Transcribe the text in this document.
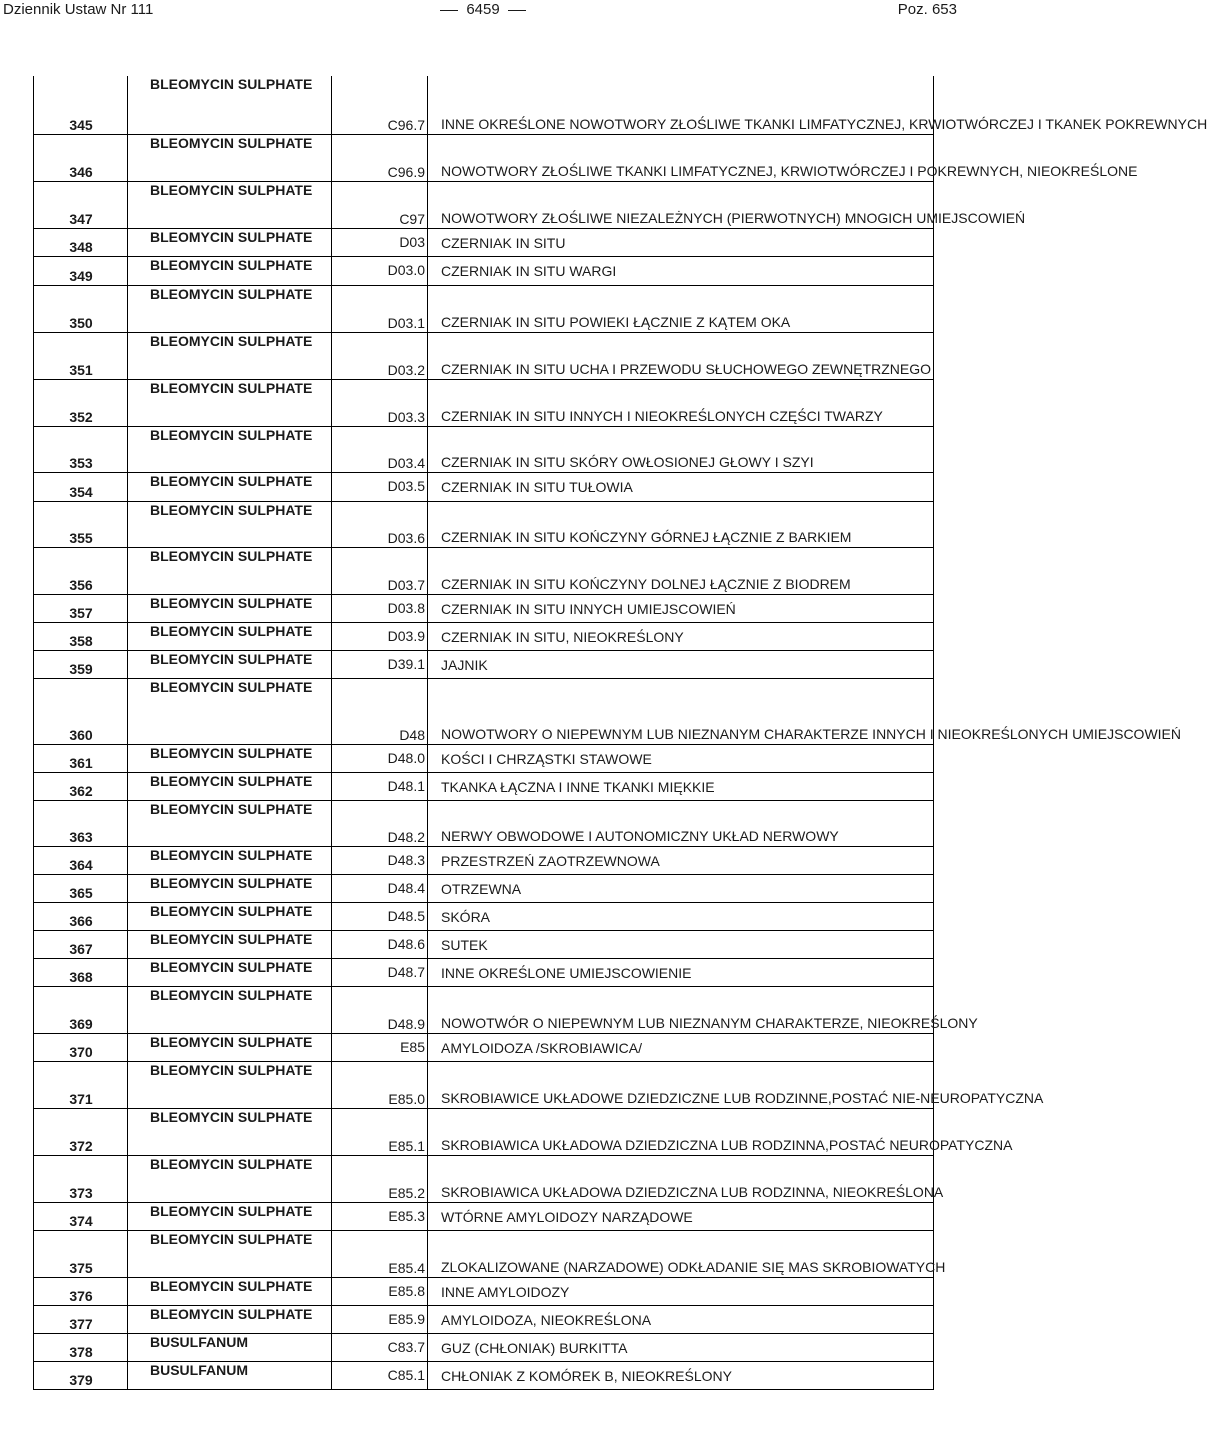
Dziennik Ustaw Nr 111	6459	Poz. 653
345
BLEOMYCIN SULPHATE
C96.7 INNE OKREŚLONE NOWOTWORY ZŁOŚLIWE TKANKI LIMFATYCZNEJ, KRWIOTWÓRCZEJ I TKANEK POKREWNYCH
346
BLEOMYCIN SULPHATE
C96.9 NOWOTWORY ZŁOŚLIWE TKANKI LIMFATYCZNEJ, KRWIOTWÓRCZEJ I POKREWNYCH, NIEOKREŚLONE
347
BLEOMYCIN SULPHATE
C97 NOWOTWORY ZŁOŚLIWE NIEZALEŻNYCH (PIERWOTNYCH) MNOGICH UMIEJSCOWIEŃ
348
BLEOMYCIN SULPHATE	D03 CZERNIAK IN SITU
349
BLEOMYCIN SULPHATE	D03.0 CZERNIAK IN SITU WARGI
350
BLEOMYCIN SULPHATE
D03.1 CZERNIAK IN SITU POWIEKI ŁĄCZNIE Z KĄTEM OKA
351
BLEOMYCIN SULPHATE
D03.2 CZERNIAK IN SITU UCHA I PRZEWODU SŁUCHOWEGO ZEWNĘTRZNEGO
352
BLEOMYCIN SULPHATE
D03.3 CZERNIAK IN SITU INNYCH I NIEOKREŚLONYCH CZĘŚCI TWARZY
353
BLEOMYCIN SULPHATE
D03.4 CZERNIAK IN SITU SKÓRY OWŁOSIONEJ GŁOWY I SZYI
354
BLEOMYCIN SULPHATE	D03.5 CZERNIAK IN SITU TUŁOWIA
355
BLEOMYCIN SULPHATE
D03.6 CZERNIAK IN SITU KOŃCZYNY GÓRNEJ ŁĄCZNIE Z BARKIEM
356
BLEOMYCIN SULPHATE
D03.7 CZERNIAK IN SITU KOŃCZYNY DOLNEJ ŁĄCZNIE Z BIODREM
357
BLEOMYCIN SULPHATE	D03.8 CZERNIAK IN SITU INNYCH UMIEJSCOWIEŃ
358
BLEOMYCIN SULPHATE	D03.9 CZERNIAK IN SITU, NIEOKREŚLONY
359
BLEOMYCIN SULPHATE	D39.1 JAJNIK
360
BLEOMYCIN SULPHATE
D48 NOWOTWORY O NIEPEWNYM LUB NIEZNANYM CHARAKTERZE INNYCH I NIEOKREŚLONYCH UMIEJSCOWIEŃ
361
BLEOMYCIN SULPHATE	D48.0 KOŚCI I CHRZĄSTKI STAWOWE
362
BLEOMYCIN SULPHATE	D48.1 TKANKA ŁĄCZNA I INNE TKANKI MIĘKKIE
363
BLEOMYCIN SULPHATE
D48.2 NERWY OBWODOWE I AUTONOMICZNY UKŁAD NERWOWY
364
BLEOMYCIN SULPHATE	D48.3 PRZESTRZEŃ ZAOTRZEWNOWA
365
BLEOMYCIN SULPHATE	D48.4 OTRZEWNA
366
BLEOMYCIN SULPHATE	D48.5 SKÓRA
367
BLEOMYCIN SULPHATE	D48.6 SUTEK
368
BLEOMYCIN SULPHATE	D48.7 INNE OKREŚLONE UMIEJSCOWIENIE
369
BLEOMYCIN SULPHATE
D48.9 NOWOTWÓR O NIEPEWNYM LUB NIEZNANYM CHARAKTERZE, NIEOKREŚLONY
370
BLEOMYCIN SULPHATE	E85 AMYLOIDOZA /SKROBIAWICA/
371
BLEOMYCIN SULPHATE
E85.0 SKROBIAWICE UKŁADOWE DZIEDZICZNE LUB RODZINNE,POSTAĆ NIE-NEUROPATYCZNA
372
BLEOMYCIN SULPHATE
E85.1 SKROBIAWICA UKŁADOWA DZIEDZICZNA LUB RODZINNA,POSTAĆ NEUROPATYCZNA
373
BLEOMYCIN SULPHATE
E85.2 SKROBIAWICA UKŁADOWA DZIEDZICZNA LUB RODZINNA, NIEOKREŚLONA
374
BLEOMYCIN SULPHATE	E85.3 WTÓRNE AMYLOIDOZY NARZĄDOWE
375
BLEOMYCIN SULPHATE
E85.4 ZLOKALIZOWANE (NARZADOWE) ODKŁADANIE SIĘ MAS SKROBIOWATYCH
376
BLEOMYCIN SULPHATE	E85.8 INNE AMYLOIDOZY
377
BLEOMYCIN SULPHATE	E85.9 AMYLOIDOZA, NIEOKREŚLONA
378
BUSULFANUM	C83.7 GUZ (CHŁONIAK) BURKITTA
379
BUSULFANUM	C85.1 CHŁONIAK Z KOMÓREK B, NIEOKREŚLONY
